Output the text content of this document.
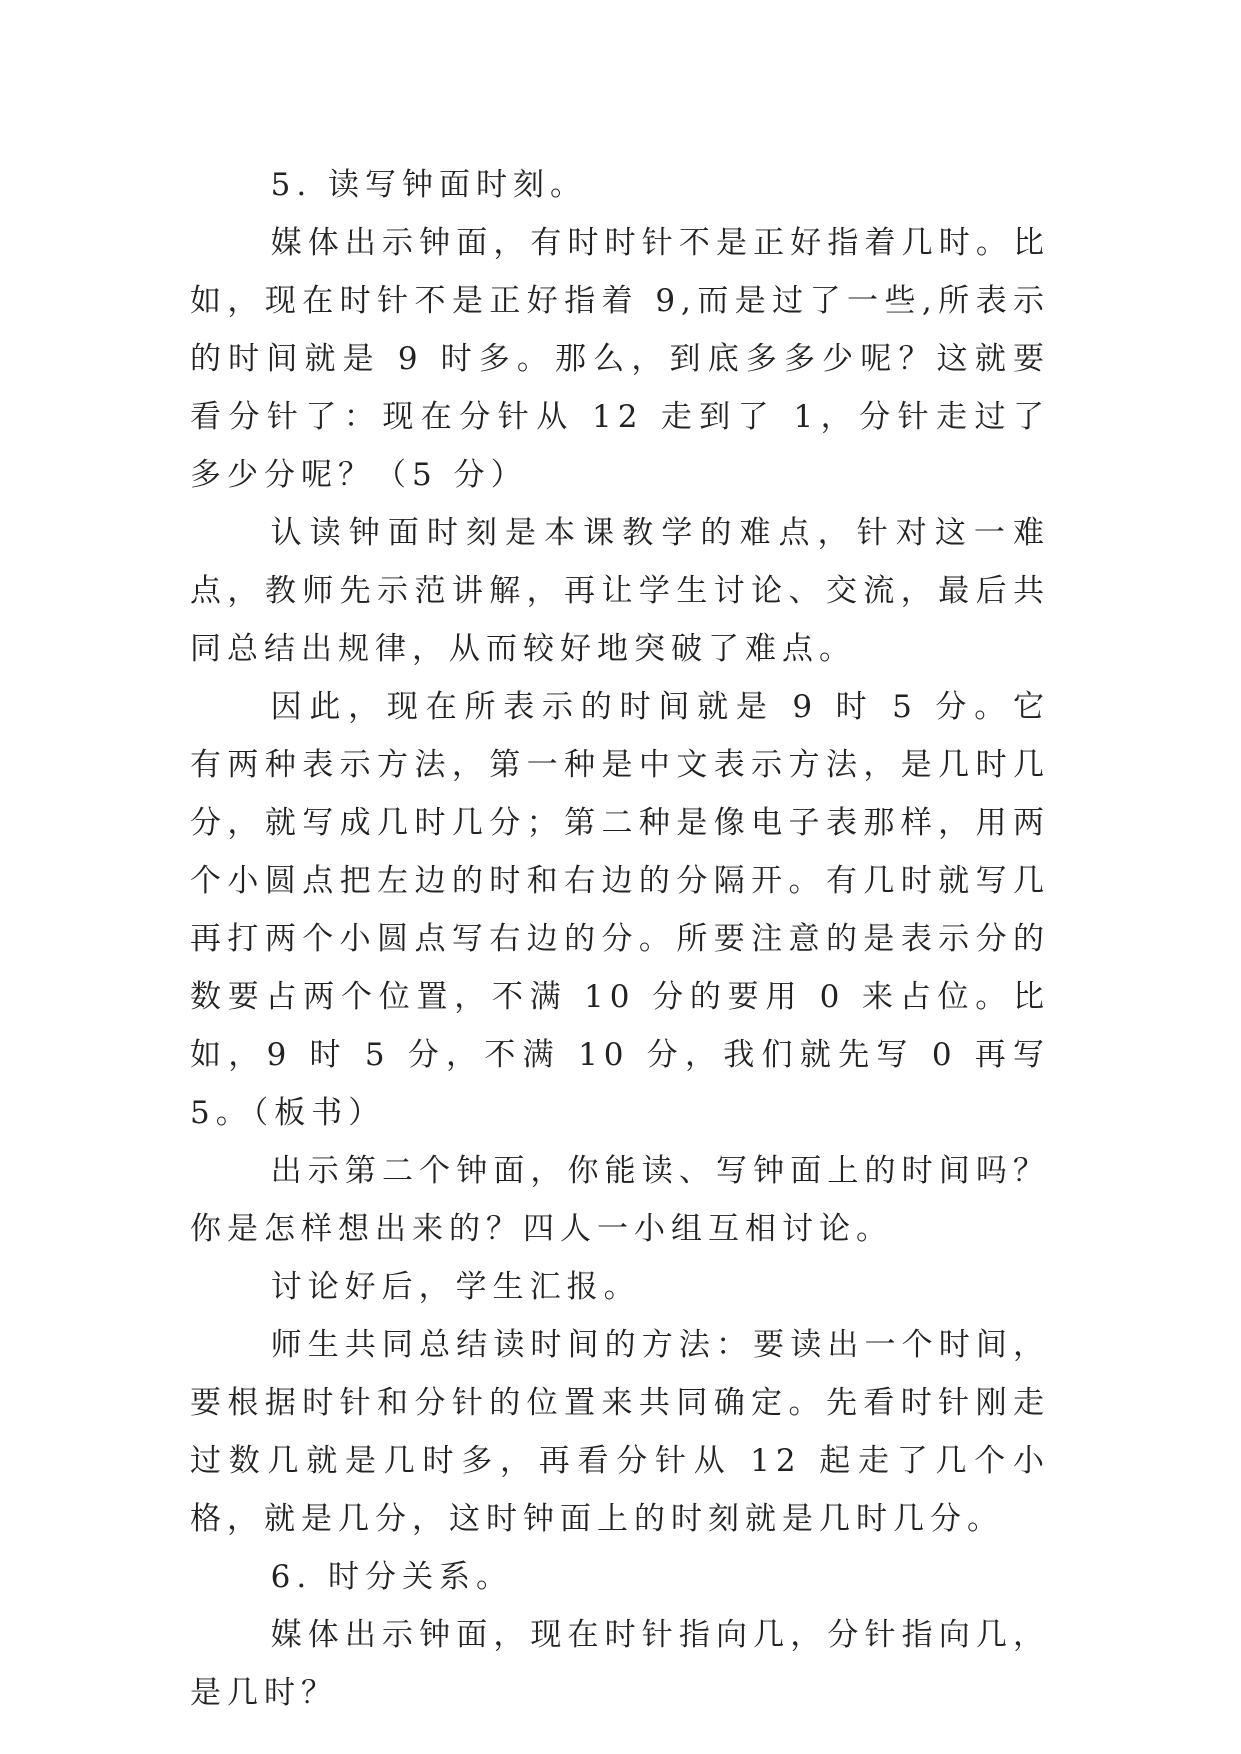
5. 读写钟面时刻。

媒体出示钟面，有时时针不是正好指着几时。比如，现在时针不是正好指着 9,而是过了一些,所表示的时间就是 9 时多。那么，到底多多少呢？这就要看分针了：现在分针从 12 走到了 1，分针走过了多少分呢？（5 分）

认读钟面时刻是本课教学的难点，针对这一难点，教师先示范讲解，再让学生讨论、交流，最后共同总结出规律，从而较好地突破了难点。

因此，现在所表示的时间就是 9 时 5 分。它有两种表示方法，第一种是中文表示方法，是几时几分，就写成几时几分；第二种是像电子表那样，用两个小圆点把左边的时和右边的分隔开。有几时就写几再打两个小圆点写右边的分。所要注意的是表示分的数要占两个位置，不满 10 分的要用 0 来占位。比如，9 时 5 分，不满 10 分，我们就先写 0 再写 5。（板书）

出示第二个钟面，你能读、写钟面上的时间吗？你是怎样想出来的？四人一小组互相讨论。

讨论好后，学生汇报。

师生共同总结读时间的方法：要读出一个时间，要根据时针和分针的位置来共同确定。先看时针刚走过数几就是几时多，再看分针从 12 起走了几个小格，就是几分，这时钟面上的时刻就是几时几分。

6. 时分关系。

媒体出示钟面，现在时针指向几，分针指向几，是几时？
